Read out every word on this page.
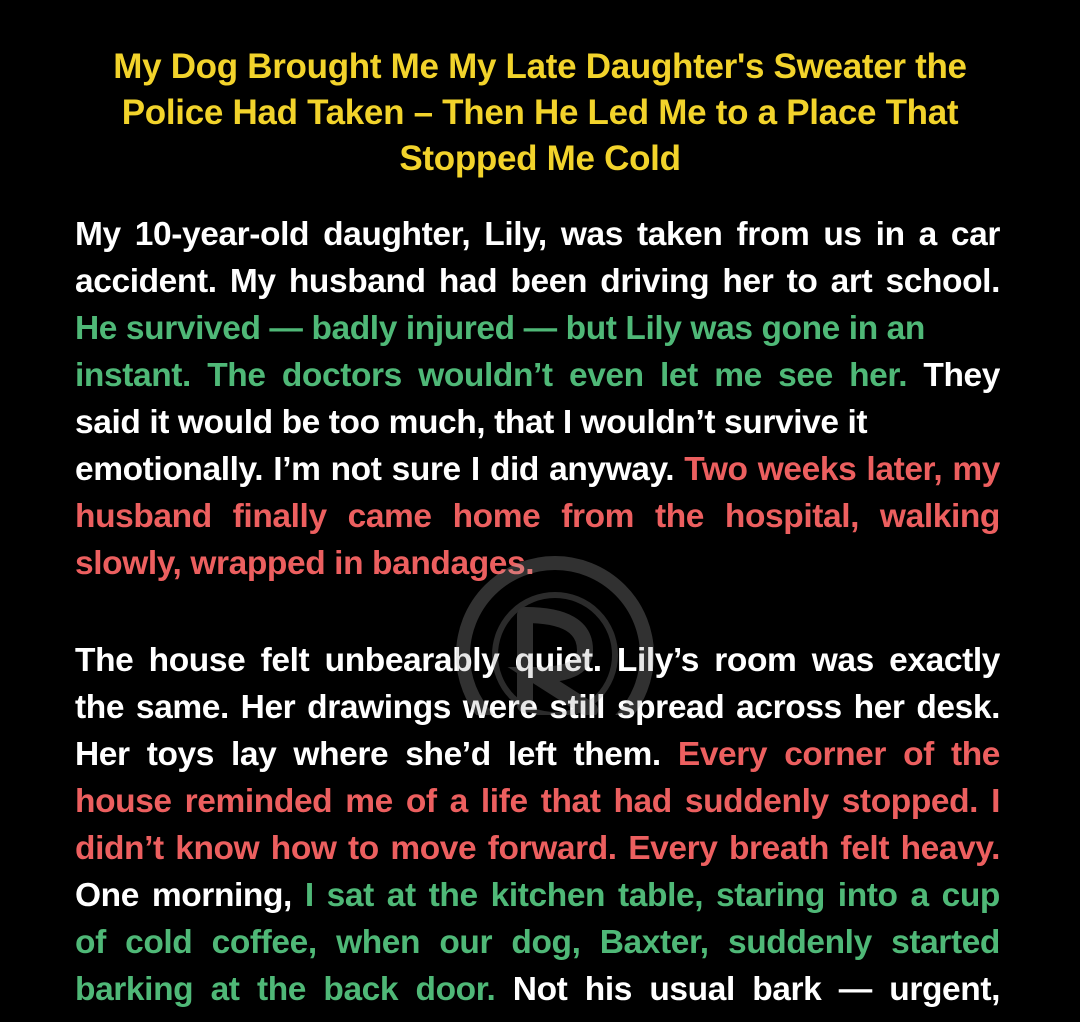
My Dog Brought Me My Late Daughter's Sweater the
Police Had Taken – Then He Led Me to a Place That
Stopped Me Cold
My 10-year-old daughter, Lily, was taken from us in a car
accident. My husband had been driving her to art school.
He survived — badly injured — but Lily was gone in an
instant. The doctors wouldn’t even let me see her. They
said it would be too much, that I wouldn’t survive it
emotionally. I’m not sure I did anyway. Two weeks later, my
husband finally came home from the hospital, walking
slowly, wrapped in bandages.
The house felt unbearably quiet. Lily’s room was exactly
the same. Her drawings were still spread across her desk.
Her toys lay where she’d left them. Every corner of the
house reminded me of a life that had suddenly stopped. I
didn’t know how to move forward. Every breath felt heavy.
One morning, I sat at the kitchen table, staring into a cup
of cold coffee, when our dog, Baxter, suddenly started
barking at the back door. Not his usual bark — urgent,
